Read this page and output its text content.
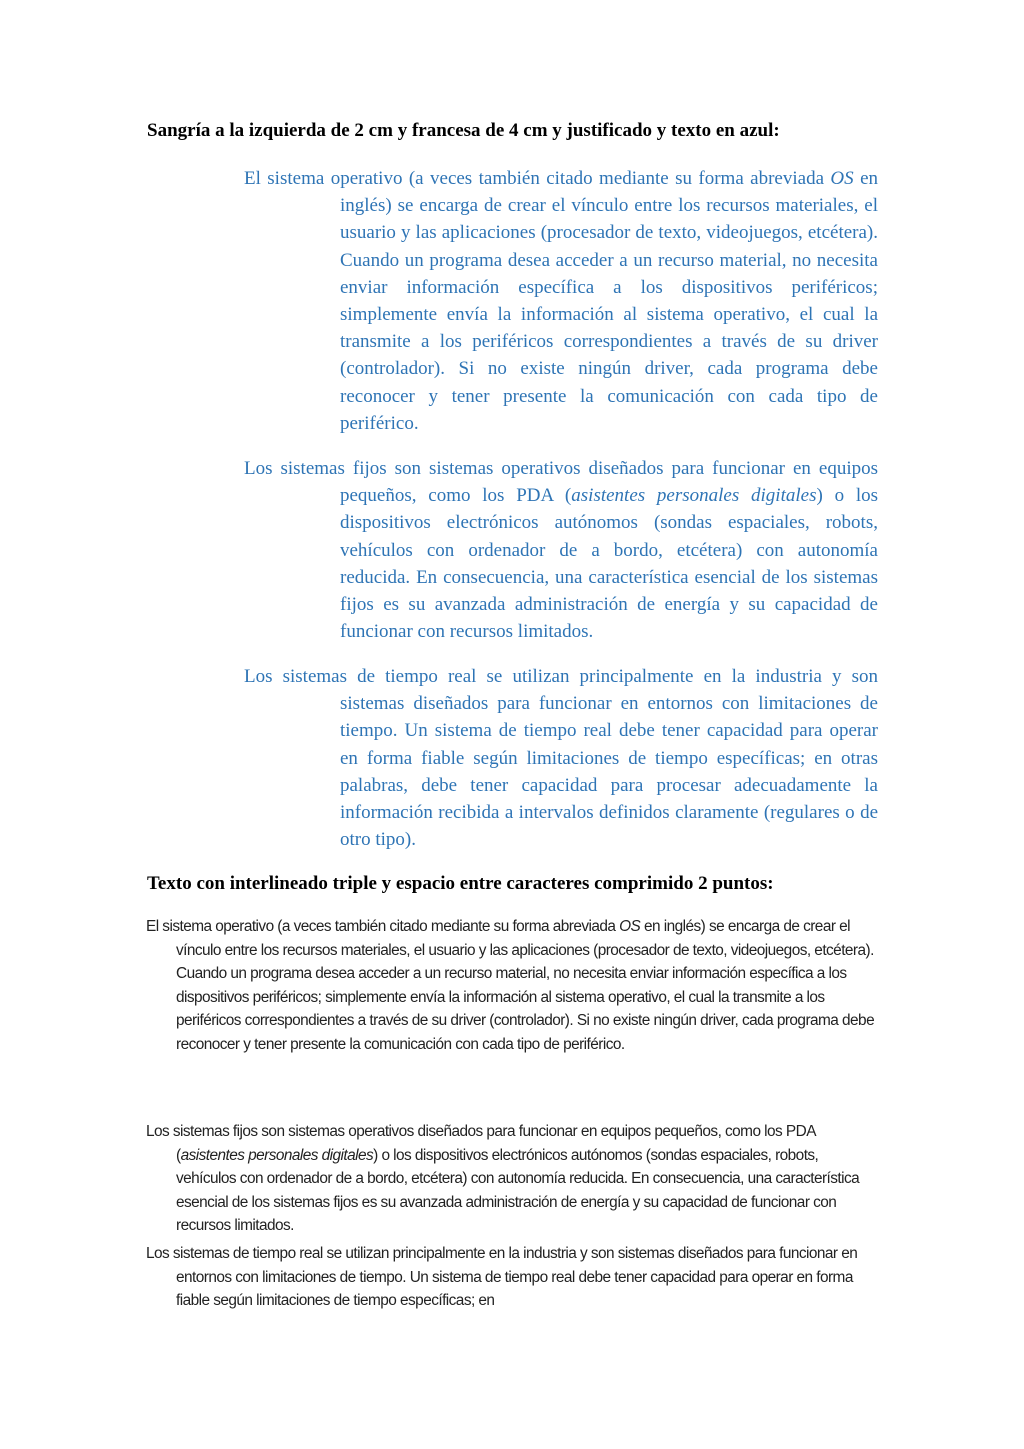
Sangría a la izquierda de 2 cm y francesa de 4 cm y justificado y texto en azul:

El sistema operativo (a veces también citado mediante su forma abreviada OS en inglés) se encarga de crear el vínculo entre los recursos materiales, el usuario y las aplicaciones (procesador de texto, videojuegos, etcétera). Cuando un programa desea acceder a un recurso material, no necesita enviar información específica a los dispositivos periféricos; simplemente envía la información al sistema operativo, el cual la transmite a los periféricos correspondientes a través de su driver (controlador). Si no existe ningún driver, cada programa debe reconocer y tener presente la comunicación con cada tipo de periférico.

Los sistemas fijos son sistemas operativos diseñados para funcionar en equipos pequeños, como los PDA (asistentes personales digitales) o los dispositivos electrónicos autónomos (sondas espaciales, robots, vehículos con ordenador de a bordo, etcétera) con autonomía reducida. En consecuencia, una característica esencial de los sistemas fijos es su avanzada administración de energía y su capacidad de funcionar con recursos limitados.

Los sistemas de tiempo real se utilizan principalmente en la industria y son sistemas diseñados para funcionar en entornos con limitaciones de tiempo. Un sistema de tiempo real debe tener capacidad para operar en forma fiable según limitaciones de tiempo específicas; en otras palabras, debe tener capacidad para procesar adecuadamente la información recibida a intervalos definidos claramente (regulares o de otro tipo).

Texto con interlineado triple y espacio entre caracteres comprimido 2 puntos:

El sistema operativo (a veces también citado mediante su forma abreviada OS en inglés) se encarga de crear el vínculo entre los recursos materiales, el usuario y las aplicaciones (procesador de texto, videojuegos, etcétera). Cuando un programa desea acceder a un recurso material, no necesita enviar información específica a los dispositivos periféricos; simplemente envía la información al sistema operativo, el cual la transmite a los periféricos correspondientes a través de su driver (controlador). Si no existe ningún driver, cada programa debe reconocer y tener presente la comunicación con cada tipo de periférico.

Los sistemas fijos son sistemas operativos diseñados para funcionar en equipos pequeños, como los PDA (asistentes personales digitales) o los dispositivos electrónicos autónomos (sondas espaciales, robots, vehículos con ordenador de a bordo, etcétera) con autonomía reducida. En consecuencia, una característica esencial de los sistemas fijos es su avanzada administración de energía y su capacidad de funcionar con recursos limitados.

Los sistemas de tiempo real se utilizan principalmente en la industria y son sistemas diseñados para funcionar en entornos con limitaciones de tiempo. Un sistema de tiempo real debe tener capacidad para operar en forma fiable según limitaciones de tiempo específicas; en
